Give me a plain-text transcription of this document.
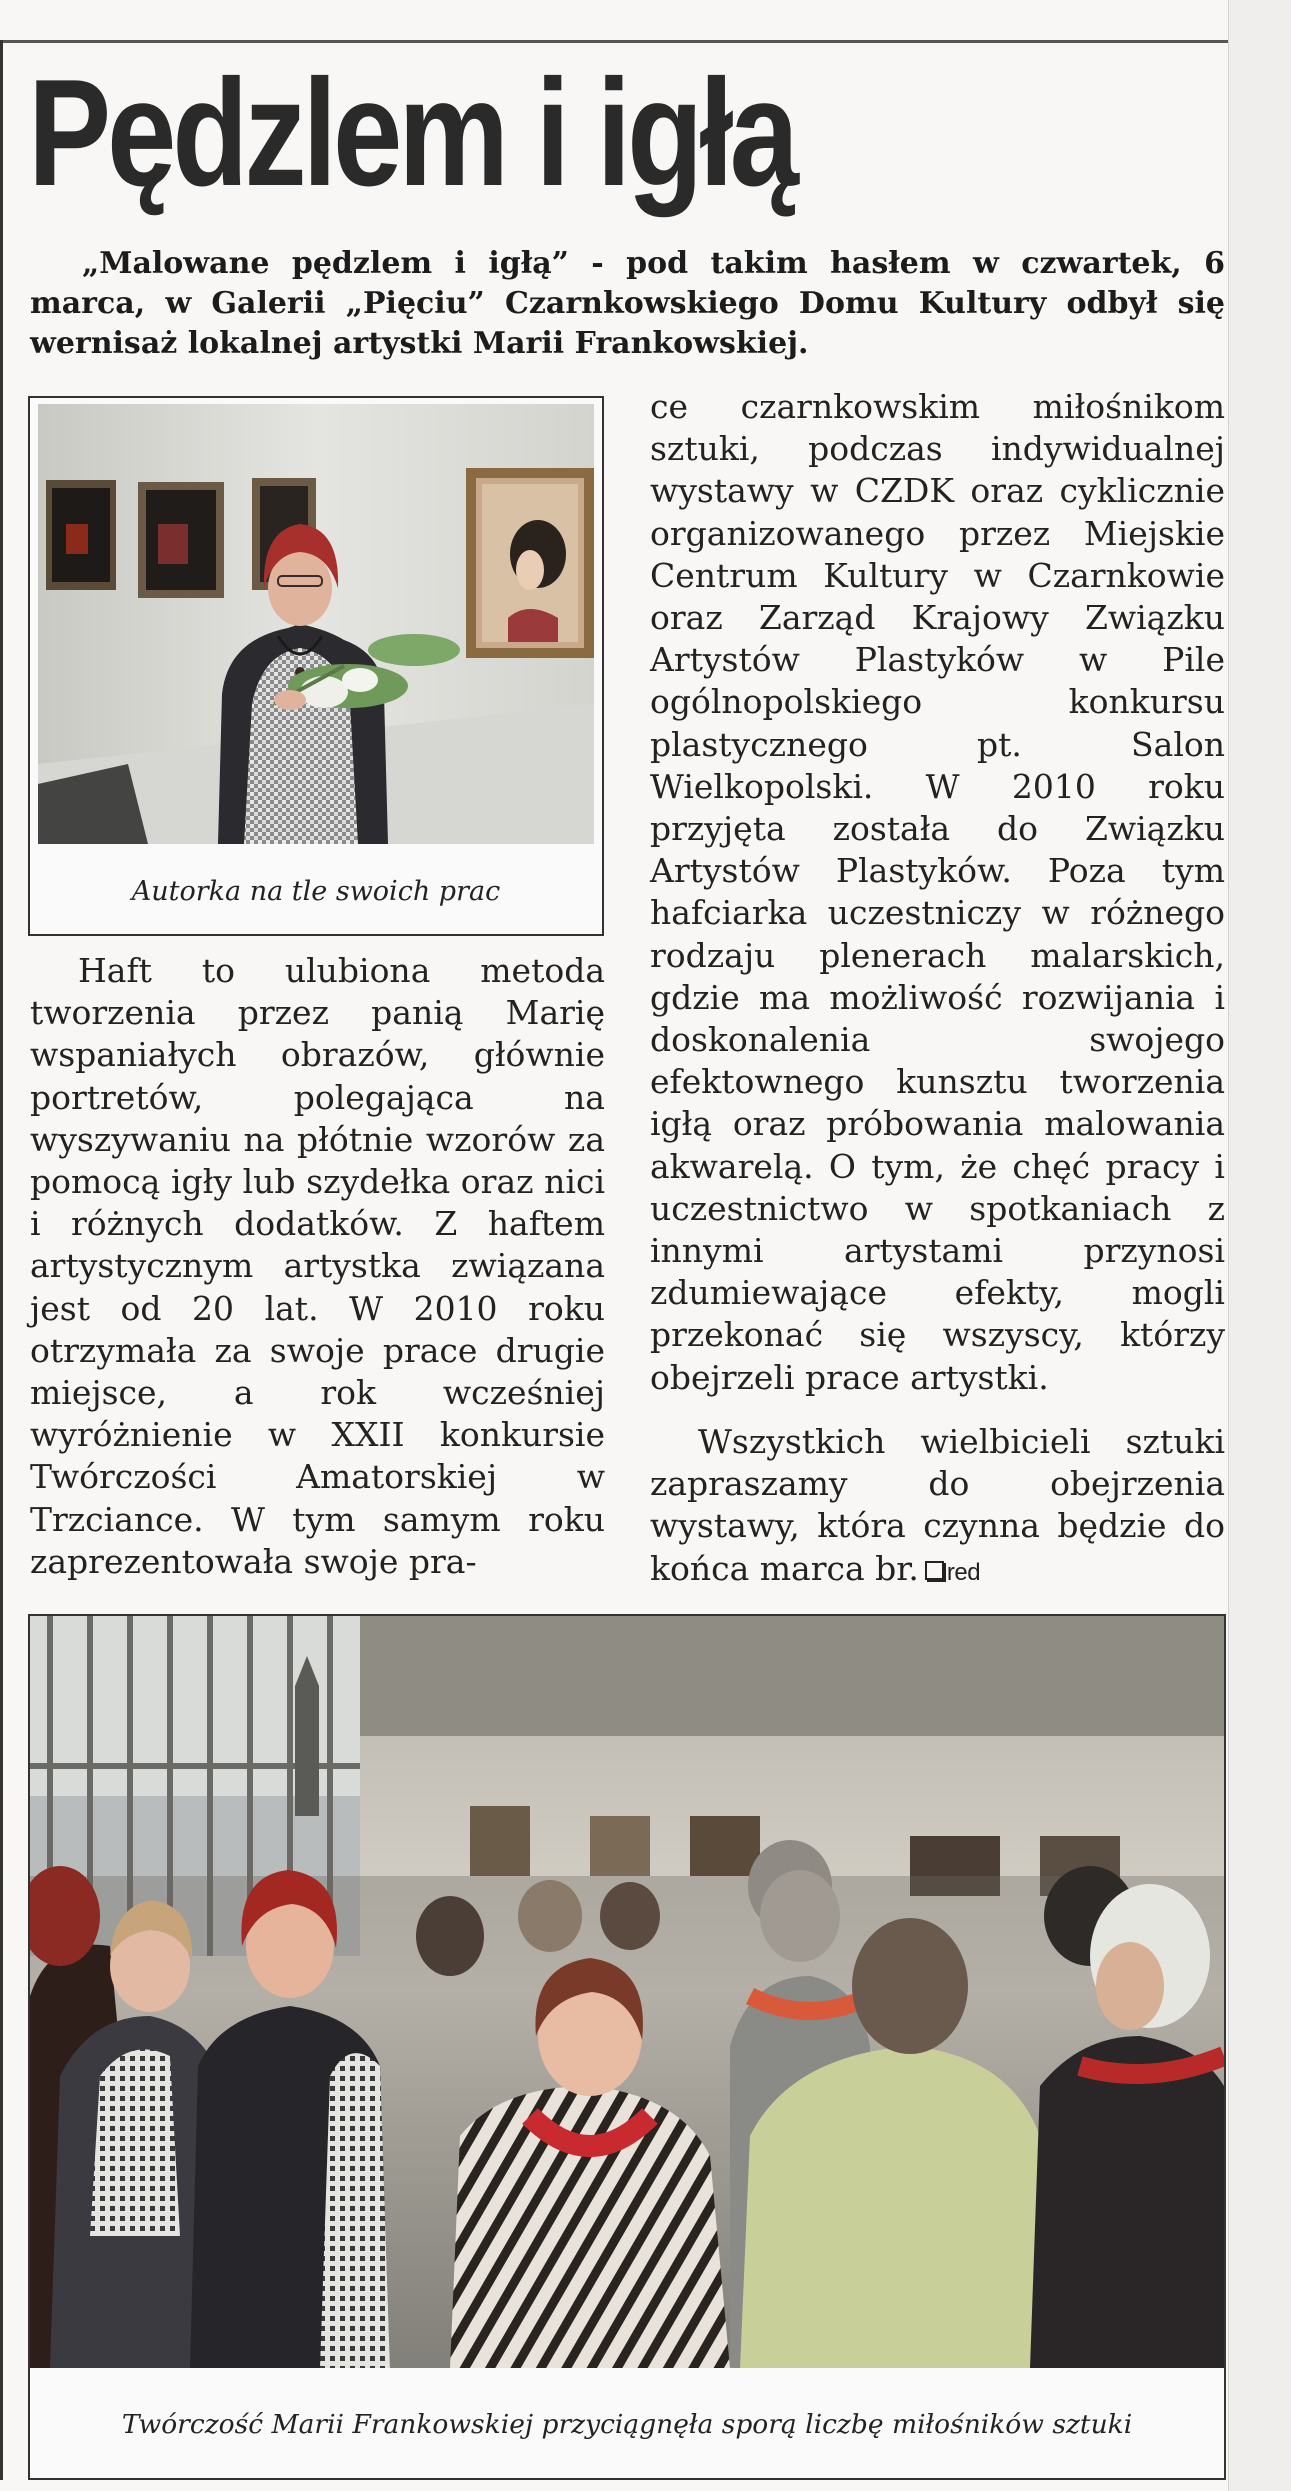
Pędzlem i igłą

„Malowane pędzlem i igłą” - pod takim hasłem w czwartek, 6 marca, w Galerii „Pięciu” Czarnkowskiego Domu Kultury odbył się wernisaż lokalnej artystki Marii Frankowskiej.

Autorka na tle swoich prac

ce czarnkowskim miłośnikom sztuki, podczas indywidualnej wystawy w CZDK oraz cyklicznie organizowanego przez Miejskie Centrum Kultury w Czarnkowie oraz Zarząd Krajowy Związku Artystów Plastyków w Pile ogólnopolskiego konkursu plastycznego pt. Salon Wielkopolski. W 2010 roku przyjęta została do Związku Artystów Plastyków. Poza tym hafciarka uczestniczy w różnego rodzaju plenerach malarskich, gdzie ma możliwość rozwijania i doskonalenia swojego efektownego kunsztu tworzenia igłą oraz próbowania malowania akwarelą. O tym, że chęć pracy i uczestnictwo w spotkaniach z innymi artystami przynosi zdumiewające efekty, mogli przekonać się wszyscy, którzy obejrzeli prace artystki.

Haft to ulubiona metoda tworzenia przez panią Marię wspaniałych obrazów, głównie portretów, polegająca na wyszywaniu na płótnie wzorów za pomocą igły lub szydełka oraz nici i różnych dodatków. Z haftem artystycznym artystka związana jest od 20 lat. W 2010 roku otrzymała za swoje prace drugie miejsce, a rok wcześniej wyróżnienie w XXII konkursie Twórczości Amatorskiej w Trzciance. W tym samym roku zaprezentowała swoje pra-

Wszystkich wielbicieli sztuki zapraszamy do obejrzenia wystawy, która czynna będzie do końca marca br. red

Twórczość Marii Frankowskiej przyciągnęła sporą liczbę miłośników sztuki
